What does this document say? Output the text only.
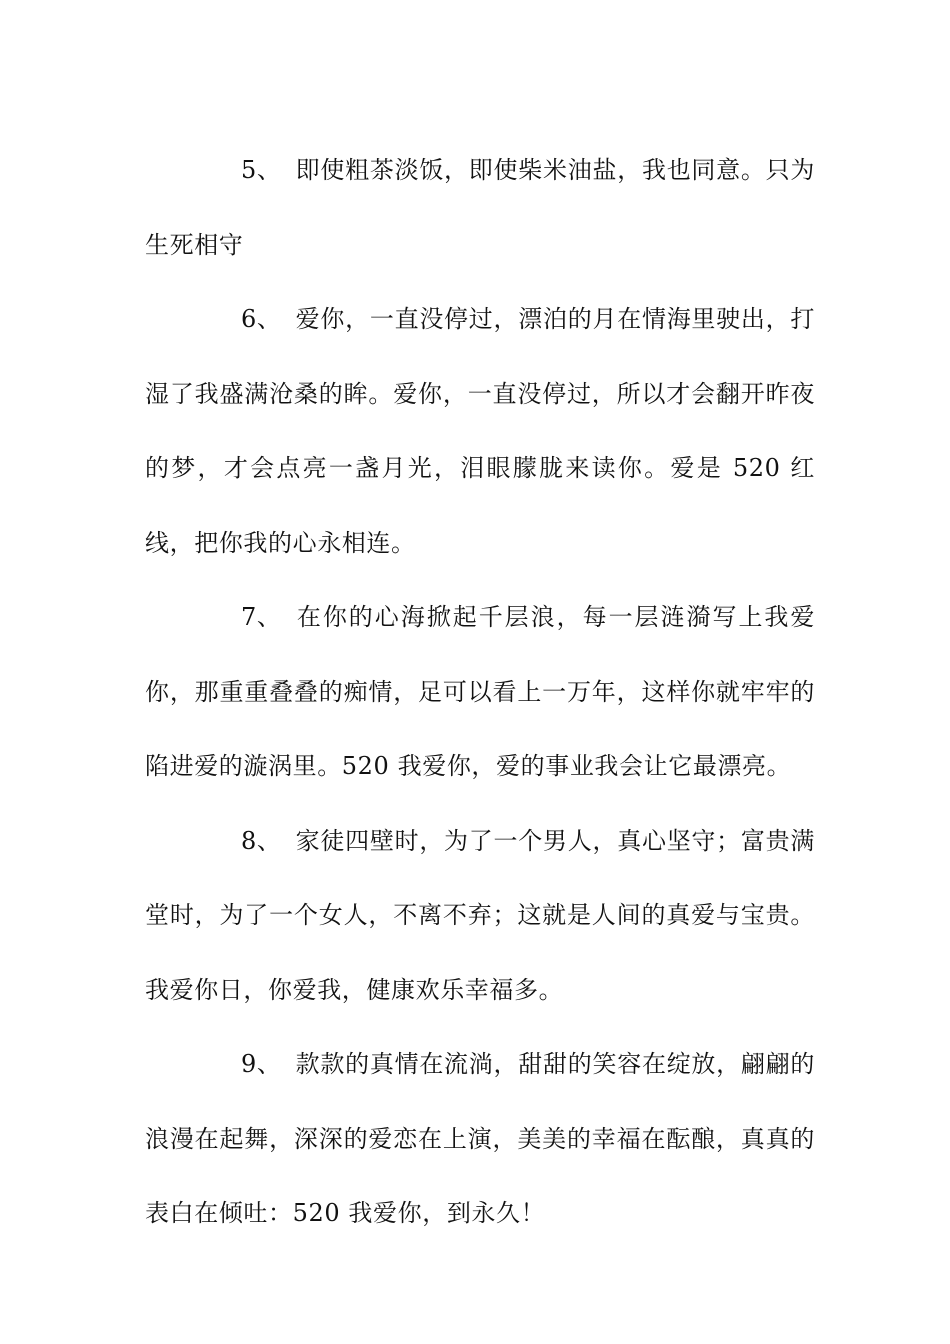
5、 即使粗茶淡饭，即使柴米油盐，我也同意。只为生死相守

6、 爱你，一直没停过，漂泊的月在情海里驶出，打湿了我盛满沧桑的眸。爱你，一直没停过，所以才会翻开昨夜的梦，才会点亮一盏月光，泪眼朦胧来读你。爱是 520 红线，把你我的心永相连。

7、 在你的心海掀起千层浪，每一层涟漪写上我爱你，那重重叠叠的痴情，足可以看上一万年，这样你就牢牢的陷进爱的漩涡里。520 我爱你，爱的事业我会让它最漂亮。

8、 家徒四壁时，为了一个男人，真心坚守；富贵满堂时，为了一个女人，不离不弃；这就是人间的真爱与宝贵。我爱你日，你爱我，健康欢乐幸福多。

9、 款款的真情在流淌，甜甜的笑容在绽放，翩翩的浪漫在起舞，深深的爱恋在上演，美美的幸福在酝酿，真真的表白在倾吐：520 我爱你，到永久！
